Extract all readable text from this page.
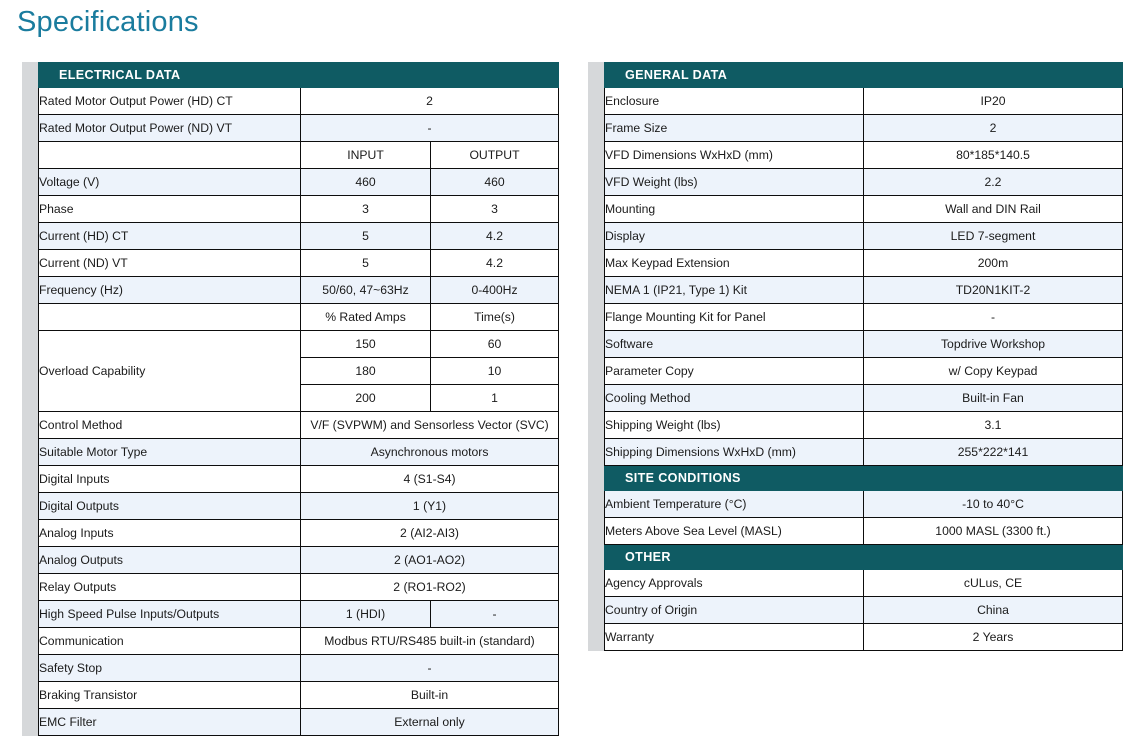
Specifications
ELECTRICAL DATA		
Rated Motor Output Power (HD) CT	2	
Rated Motor Output Power (ND) VT	-	
	INPUT	OUTPUT
Voltage (V)	460	460
Phase	3	3
Current (HD) CT	5	4.2
Current (ND) VT	5	4.2
Frequency (Hz)	50/60, 47~63Hz	0-400Hz
	% Rated Amps	Time(s)
Overload Capability	150	60
	180	10
	200	1
Control Method	V/F (SVPWM) and Sensorless Vector (SVC)	
Suitable Motor Type	Asynchronous motors	
Digital Inputs	4 (S1-S4)	
Digital Outputs	1 (Y1)	
Analog Inputs	2 (AI2-AI3)	
Analog Outputs	2 (AO1-AO2)	
Relay Outputs	2 (RO1-RO2)	
High Speed Pulse Inputs/Outputs	1 (HDI)	-
Communication	Modbus RTU/RS485 built-in (standard)	
Safety Stop	-	
Braking Transistor	Built-in	
EMC Filter	External only	
GENERAL DATA	
Enclosure	IP20
Frame Size	2
VFD Dimensions WxHxD (mm)	80*185*140.5
VFD Weight (lbs)	2.2
Mounting	Wall and DIN Rail
Display	LED 7-segment
Max Keypad Extension	200m
NEMA 1 (IP21, Type 1) Kit	TD20N1KIT-2
Flange Mounting Kit for Panel	-
Software	Topdrive Workshop
Parameter Copy	w/ Copy Keypad
Cooling Method	Built-in Fan
Shipping Weight (lbs)	3.1
Shipping Dimensions WxHxD (mm)	255*222*141
SITE CONDITIONS	
Ambient Temperature (°C)	-10 to 40°C
Meters Above Sea Level (MASL)	1000 MASL (3300 ft.)
OTHER	
Agency Approvals	cULus, CE
Country of Origin	China
Warranty	2 Years
